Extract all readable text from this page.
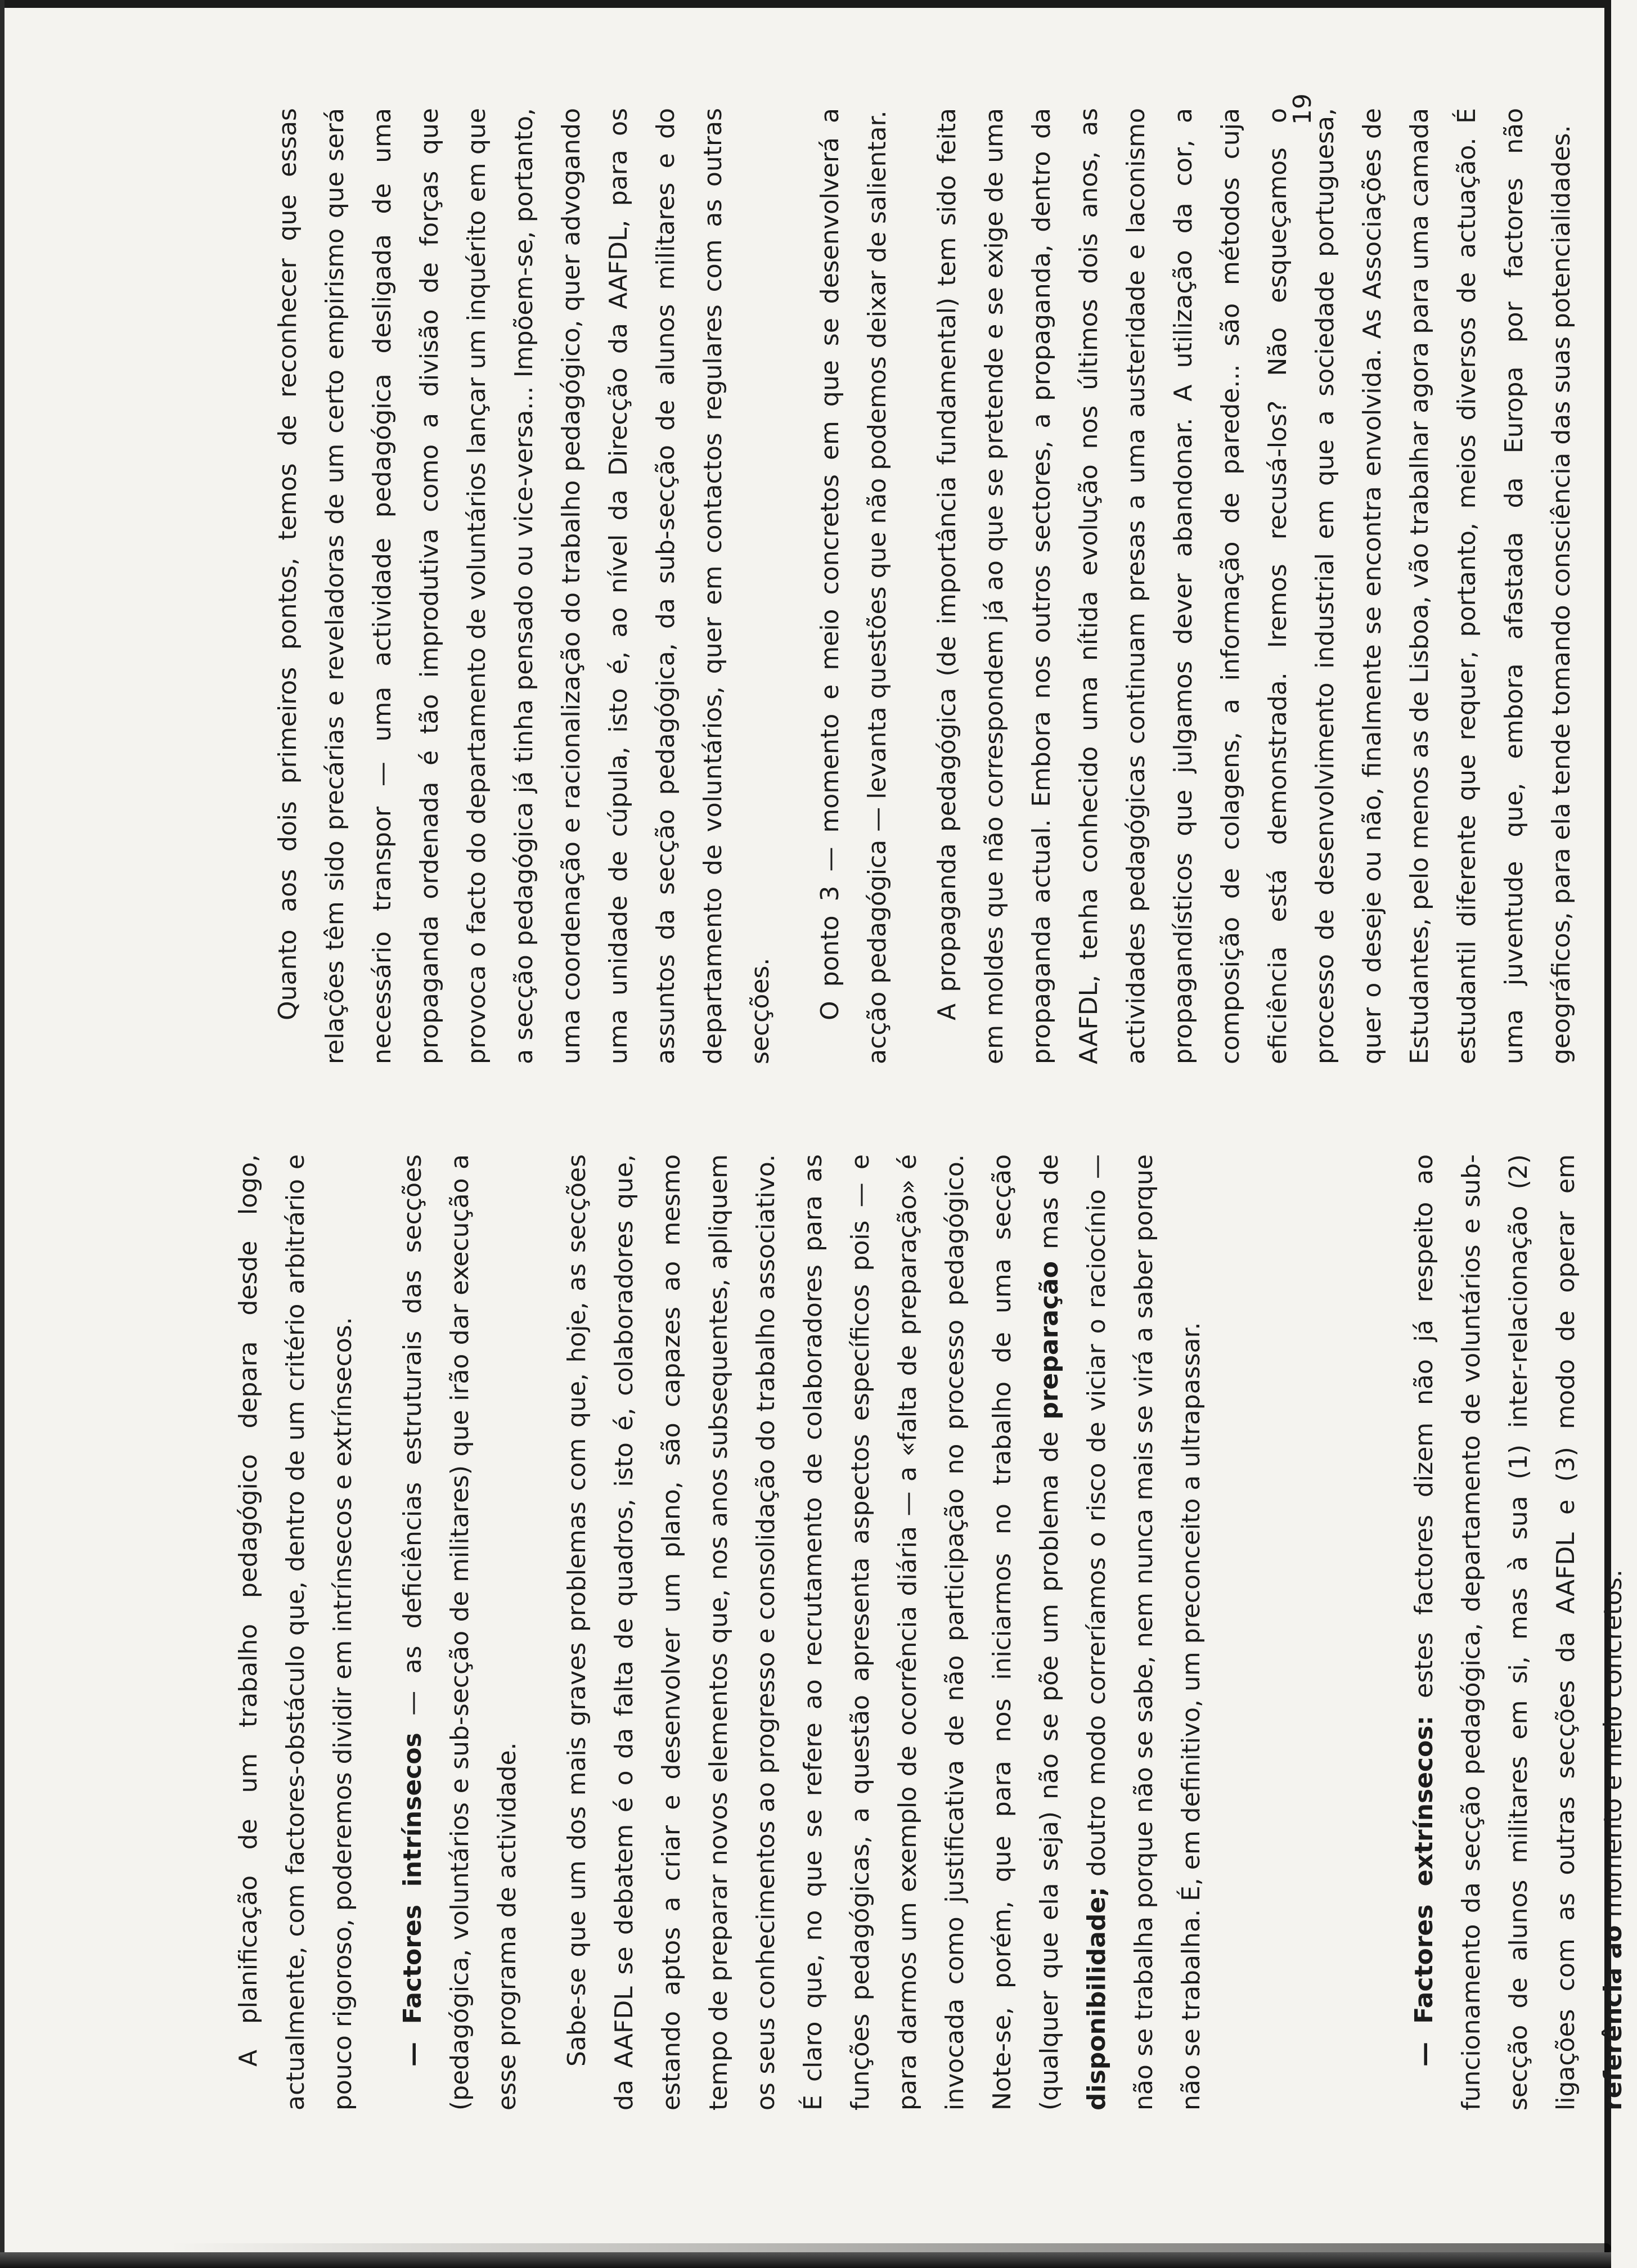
A planificação de um trabalho pedagógico depara desde logo, actualmente, com factores-obstáculo que, dentro de um critério arbitrário e pouco rigoroso, poderemos dividir em intrínsecos e extrínsecos.	— Factores intrínsecos — as deficiências estruturais das secções (pedagógica, voluntários e sub-secção de militares) que irão dar execução a esse programa de actividade.	Sabe-se que um dos mais graves problemas com que, hoje, as secções da AAFDL se debatem é o da falta de quadros, isto é, colaboradores que, estando aptos a criar e desenvolver um plano, são capazes ao mesmo tempo de preparar novos elementos que, nos anos subsequentes, apliquem os seus conhecimentos ao progresso e consolidação do trabalho associativo. É claro que, no que se refere ao recrutamento de colaboradores para as funções pedagógicas, a questão apresenta aspectos específicos pois — e para darmos um exemplo de ocorrência diária — a «falta de preparação» é invocada como justificativa de não participação no processo pedagógico. Note-se, porém, que para nos iniciarmos no trabalho de uma secção (qualquer que ela seja) não se põe um problema de preparação mas de disponibilidade; doutro modo correríamos o risco de viciar o raciocínio — não se trabalha porque não se sabe, nem nunca mais se virá a saber porque não se trabalha. É, em definitivo, um preconceito a ultrapassar.	— Factores extrínsecos: estes factores dizem não já respeito ao funcionamento da secção pedagógica, departamento de voluntários e sub-secção de alunos militares em si, mas à sua (1) inter-relacionação (2) ligações com as outras secções da AAFDL e (3) modo de operar em referência ao momento e meio concretos.

Quanto aos dois primeiros pontos, temos de reconhecer que essas relações têm sido precárias e reveladoras de um certo empirismo que será necessário transpor — uma actividade pedagógica desligada de uma propaganda ordenada é tão improdutiva como a divisão de forças que provoca o facto do departamento de voluntários lançar um inquérito em que a secção pedagógica já tinha pensado ou vice-versa... Impõem-se, portanto, uma coordenação e racionalização do trabalho pedagógico, quer advogando uma unidade de cúpula, isto é, ao nível da Direcção da AAFDL, para os assuntos da secção pedagógica, da sub-secção de alunos militares e do departamento de voluntários, quer em contactos regulares com as outras secções.	O ponto 3 — momento e meio concretos em que se desenvolverá a acção pedagógica — levanta questões que não podemos deixar de salientar.	A propaganda pedagógica (de importância fundamental) tem sido feita em moldes que não correspondem já ao que se pretende e se exige de uma propaganda actual. Embora nos outros sectores, a propaganda, dentro da AAFDL, tenha conhecido uma nítida evolução nos últimos dois anos, as actividades pedagógicas continuam presas a uma austeridade e laconismo propagandísticos que julgamos dever abandonar. A utilização da cor, a composição de colagens, a informação de parede... são métodos cuja eficiência está demonstrada. Iremos recusá-los? Não esqueçamos o processo de desenvolvimento industrial em que a sociedade portuguesa, quer o deseje ou não, finalmente se encontra envolvida. As Associações de Estudantes, pelo menos as de Lisboa, vão trabalhar agora para uma camada estudantil diferente que requer, portanto, meios diversos de actuação. É uma juventude que, embora afastada da Europa por factores não geográficos, para ela tende tomando consciência das suas potencialidades.

19
